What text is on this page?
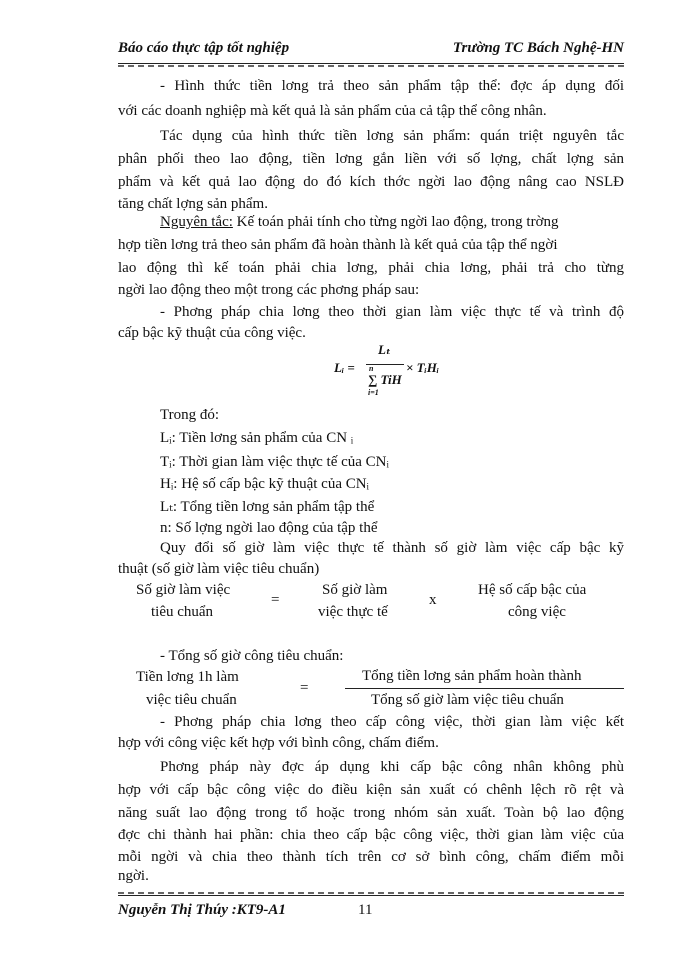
Báo cáo thực tập tốt nghiệp	Trường TC Bách Nghệ-HN
- Hình thức tiền lơng trả theo sản phẩm tập thể: đợc áp dụng đối
với các doanh nghiệp mà kết quả là sản phẩm của cả tập thể công nhân.
Tác dụng của hình thức tiền lơng sản phẩm: quán triệt nguyên tắc
phân phối theo lao động, tiền lơng gắn liền với số lợng, chất lợng sản
phẩm và kết quả lao động do đó kích thớc ngời lao động nâng cao NSLĐ
tăng chất lợng sản phẩm.
Nguyên tắc: Kế toán phải tính cho từng ngời lao động, trong trờng
hợp tiền lơng trả theo sản phẩm đã hoàn thành là kết quả của tập thể ngời
lao động thì kế toán phải chia lơng, phải chia lơng, phải trả cho từng
ngời lao động theo một trong các phơng pháp sau:
- Phơng pháp chia lơng theo thời gian làm việc thực tế và trình độ
cấp bậc kỹ thuật của công việc.
Lᵢ =
Lₜ
n
∑ TiH
i=1
× TᵢHᵢ
Trong đó:
Lᵢ: Tiền lơng sản phẩm của CN ᵢ
Tᵢ: Thời gian làm việc thực tế của CNᵢ
Hᵢ: Hệ số cấp bậc kỹ thuật của CNᵢ
Lₜ: Tổng tiền lơng sản phẩm tập thể
n: Số lợng ngời lao động của tập thể
Quy đổi số giờ làm việc thực tế thành số giờ làm việc cấp bậc kỹ
thuật (số giờ làm việc tiêu chuẩn)
Số giờ làm việc
tiêu chuẩn
=
Số giờ làm
việc thực tế
x
Hệ số cấp bậc của
công việc
- Tổng số giờ công tiêu chuẩn:
Tiền lơng 1h làm
việc tiêu chuẩn
=
Tổng tiền lơng sản phẩm hoàn thành
Tổng số giờ làm việc tiêu chuẩn
- Phơng pháp chia lơng theo cấp công việc, thời gian làm việc kết
hợp với công việc kết hợp với bình công, chấm điểm.
Phơng pháp này đợc áp dụng khi cấp bậc công nhân không phù
hợp với cấp bậc công việc do điều kiện sản xuất có chênh lệch rõ rệt và
năng suất lao động trong tổ hoặc trong nhóm sản xuất. Toàn bộ lao động
đợc chi thành hai phần: chia theo cấp bậc công việc, thời gian làm việc của
mỗi ngời và chia theo thành tích trên cơ sở bình công, chấm điểm mỗi
ngời.
Nguyễn Thị Thúy :KT9-A1	11
